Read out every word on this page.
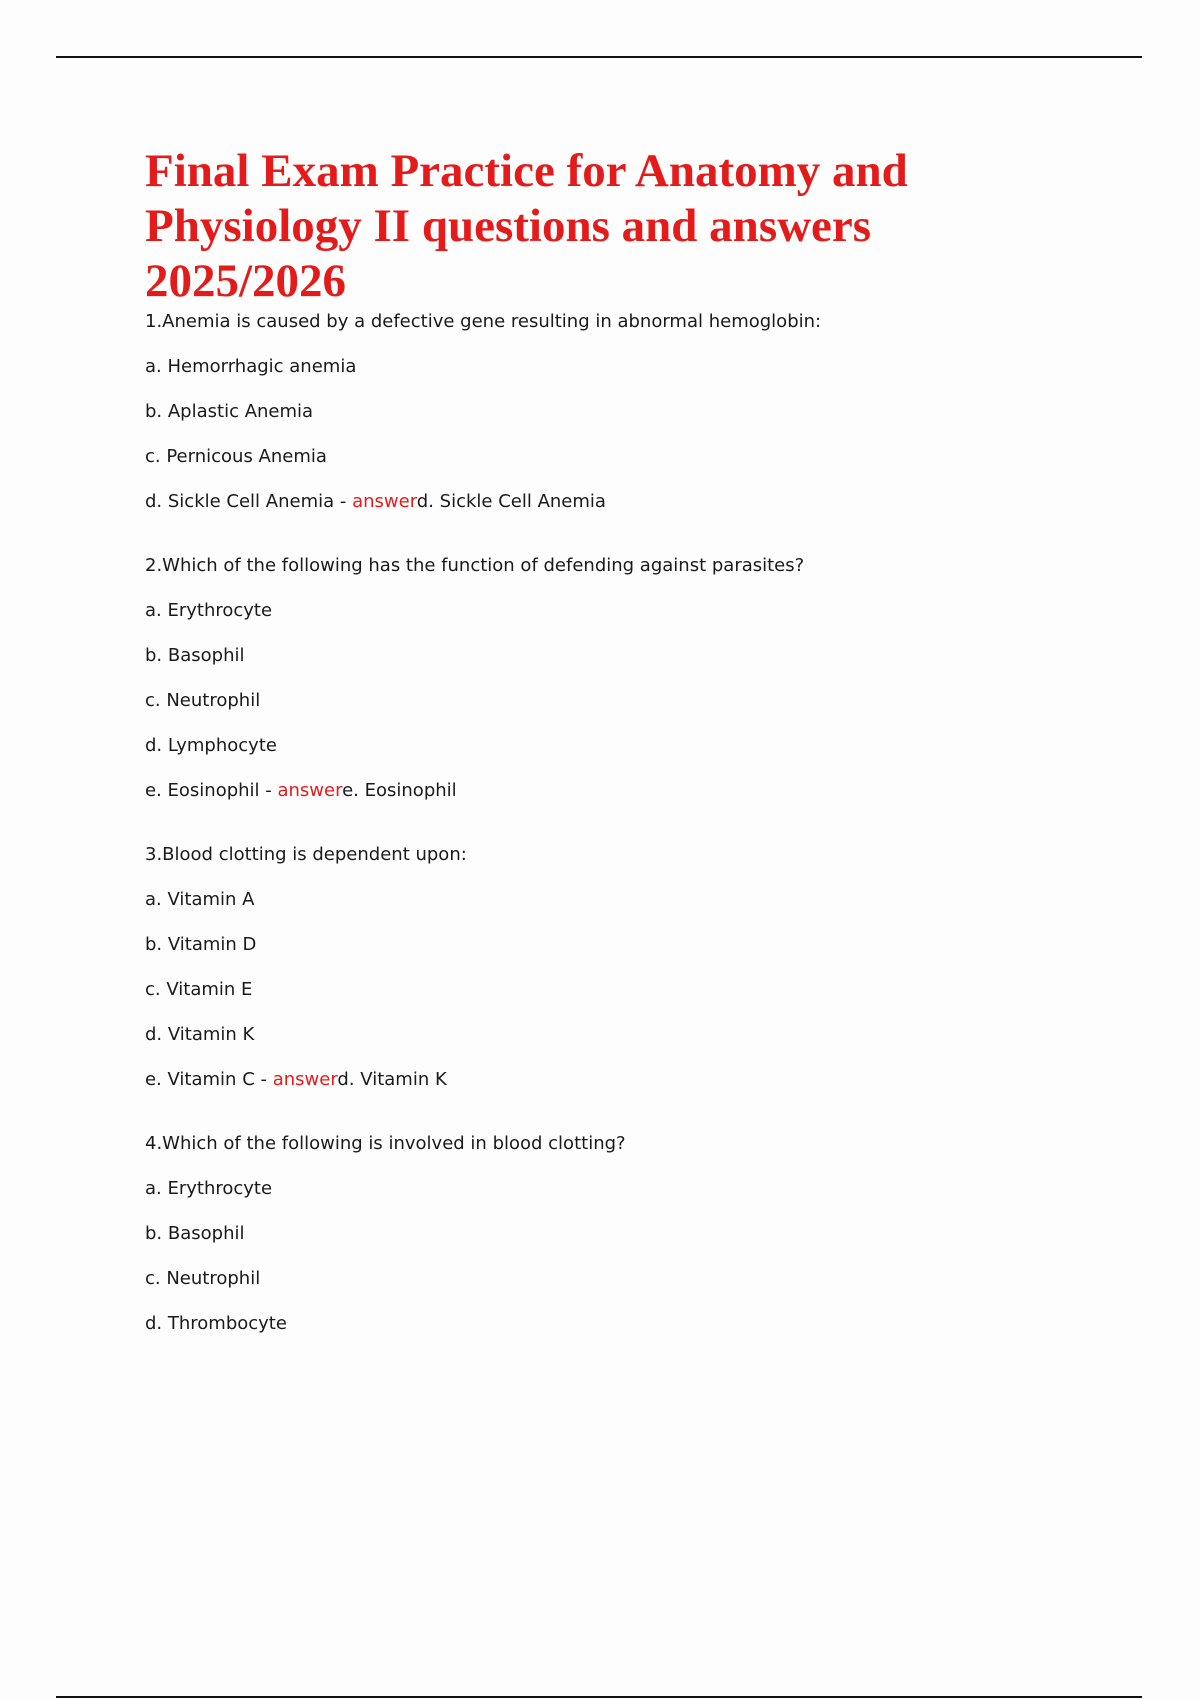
Final Exam Practice for Anatomy and
Physiology II questions and answers
2025/2026
1.Anemia is caused by a defective gene resulting in abnormal hemoglobin:
a. Hemorrhagic anemia
b. Aplastic Anemia
c. Pernicous Anemia
d. Sickle Cell Anemia - answerd. Sickle Cell Anemia
2.Which of the following has the function of defending against parasites?
a. Erythrocyte
b. Basophil
c. Neutrophil
d. Lymphocyte
e. Eosinophil - answere. Eosinophil
3.Blood clotting is dependent upon:
a. Vitamin A
b. Vitamin D
c. Vitamin E
d. Vitamin K
e. Vitamin C - answerd. Vitamin K
4.Which of the following is involved in blood clotting?
a. Erythrocyte
b. Basophil
c. Neutrophil
d. Thrombocyte
